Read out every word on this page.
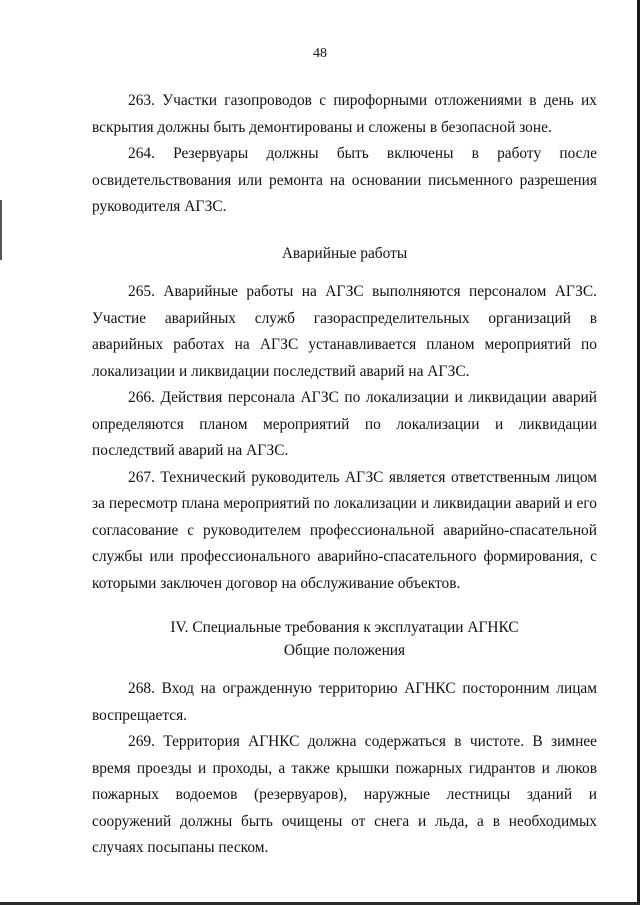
48

263. Участки газопроводов с пирофорными отложениями в день их вскрытия должны быть демонтированы и сложены в безопасной зоне.

264. Резервуары должны быть включены в работу после освидетельствования или ремонта на основании письменного разрешения руководителя АГЗС.

Аварийные работы

265. Аварийные работы на АГЗС выполняются персоналом АГЗС. Участие аварийных служб газораспределительных организаций в аварийных работах на АГЗС устанавливается планом мероприятий по локализации и ликвидации последствий аварий на АГЗС.

266. Действия персонала АГЗС по локализации и ликвидации аварий определяются планом мероприятий по локализации и ликвидации последствий аварий на АГЗС.

267. Технический руководитель АГЗС является ответственным лицом за пересмотр плана мероприятий по локализации и ликвидации аварий и его согласование с руководителем профессиональной аварийно-спасательной службы или профессионального аварийно-спасательного формирования, с которыми заключен договор на обслуживание объектов.

IV. Специальные требования к эксплуатации АГНКС

Общие положения

268. Вход на огражденную территорию АГНКС посторонним лицам воспрещается.

269. Территория АГНКС должна содержаться в чистоте. В зимнее время проезды и проходы, а также крышки пожарных гидрантов и люков пожарных водоемов (резервуаров), наружные лестницы зданий и сооружений должны быть очищены от снега и льда, а в необходимых случаях посыпаны песком.
